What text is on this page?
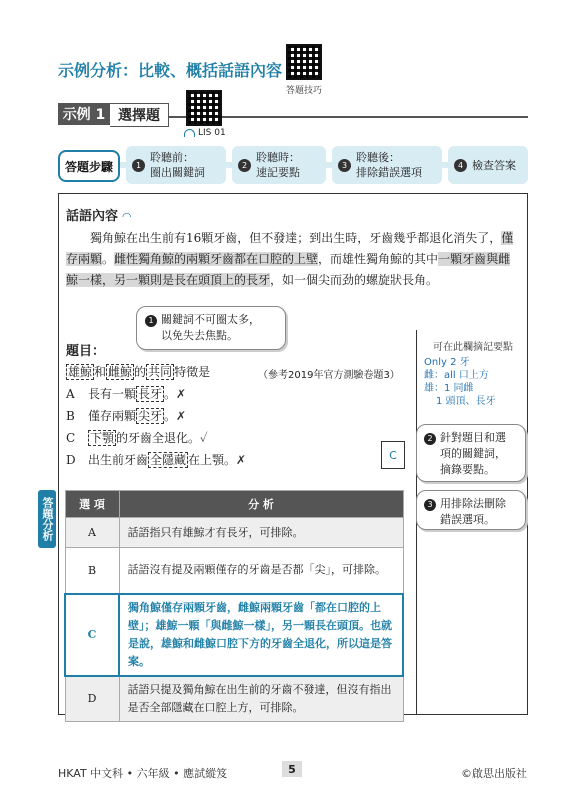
示例分析：比較、概括話語內容
答題技巧
示例 1 選擇題
LIS 01
答題步驟	1
聆聽前：
圈出關鍵詞
2
聆聽時：
速記要點
3
聆聽後：
排除錯誤選項
4 檢查答案
話語內容 ◜◝
獨角鯨在出生前有16顆牙齒，但不發達；到出生時，牙齒幾乎都退化消失了，僅存兩顆。雌性獨角鯨的兩顆牙齒都在口腔的上壁，而雄性獨角鯨的其中一顆牙齒與雌鯨一樣，另一顆則是長在頭頂上的長牙，如一個尖而劲的螺旋狀長角。
1 關鍵詞不可圈太多，
以免失去焦點。
題目：
雄鯨 和 雌鯨 的 共同 特徵是	（參考2019年官方測驗卷題3）
A 長有一顆 長牙 。✗
B 僅存兩顆 尖牙 。✗
C 下顎 的牙齒全退化。✓
D 出生前牙齒 全隱藏 在上顎。✗	C
可在此欄摘記要點
Only 2 牙
雌：all 口上方
雄：1 同雌
1 頭頂、長牙
2 針對題目和選
項的關鍵詞，
摘錄要點。
3 用排除法刪除
錯誤選項。
答題分析 選 項	分 析
A	話語指只有雄鯨才有長牙，可排除。
B	話語沒有提及兩顆僅存的牙齒是否都「尖」，可排除。
C	獨角鯨僅存兩顆牙齒，雌鯨兩顆牙齒「都在口腔的上壁」；雄鯨一顆「與雌鯨一樣」，另一顆長在頭頂。也就是說，雄鯨和雌鯨口腔下方的牙齒全退化，所以這是答案。
D	話語只提及獨角鯨在出生前的牙齒不發達，但沒有指出是否全部隱藏在口腔上方，可排除。
HKAT 中文科 • 六年級 • 應試縱笈	5	©啟思出版社
